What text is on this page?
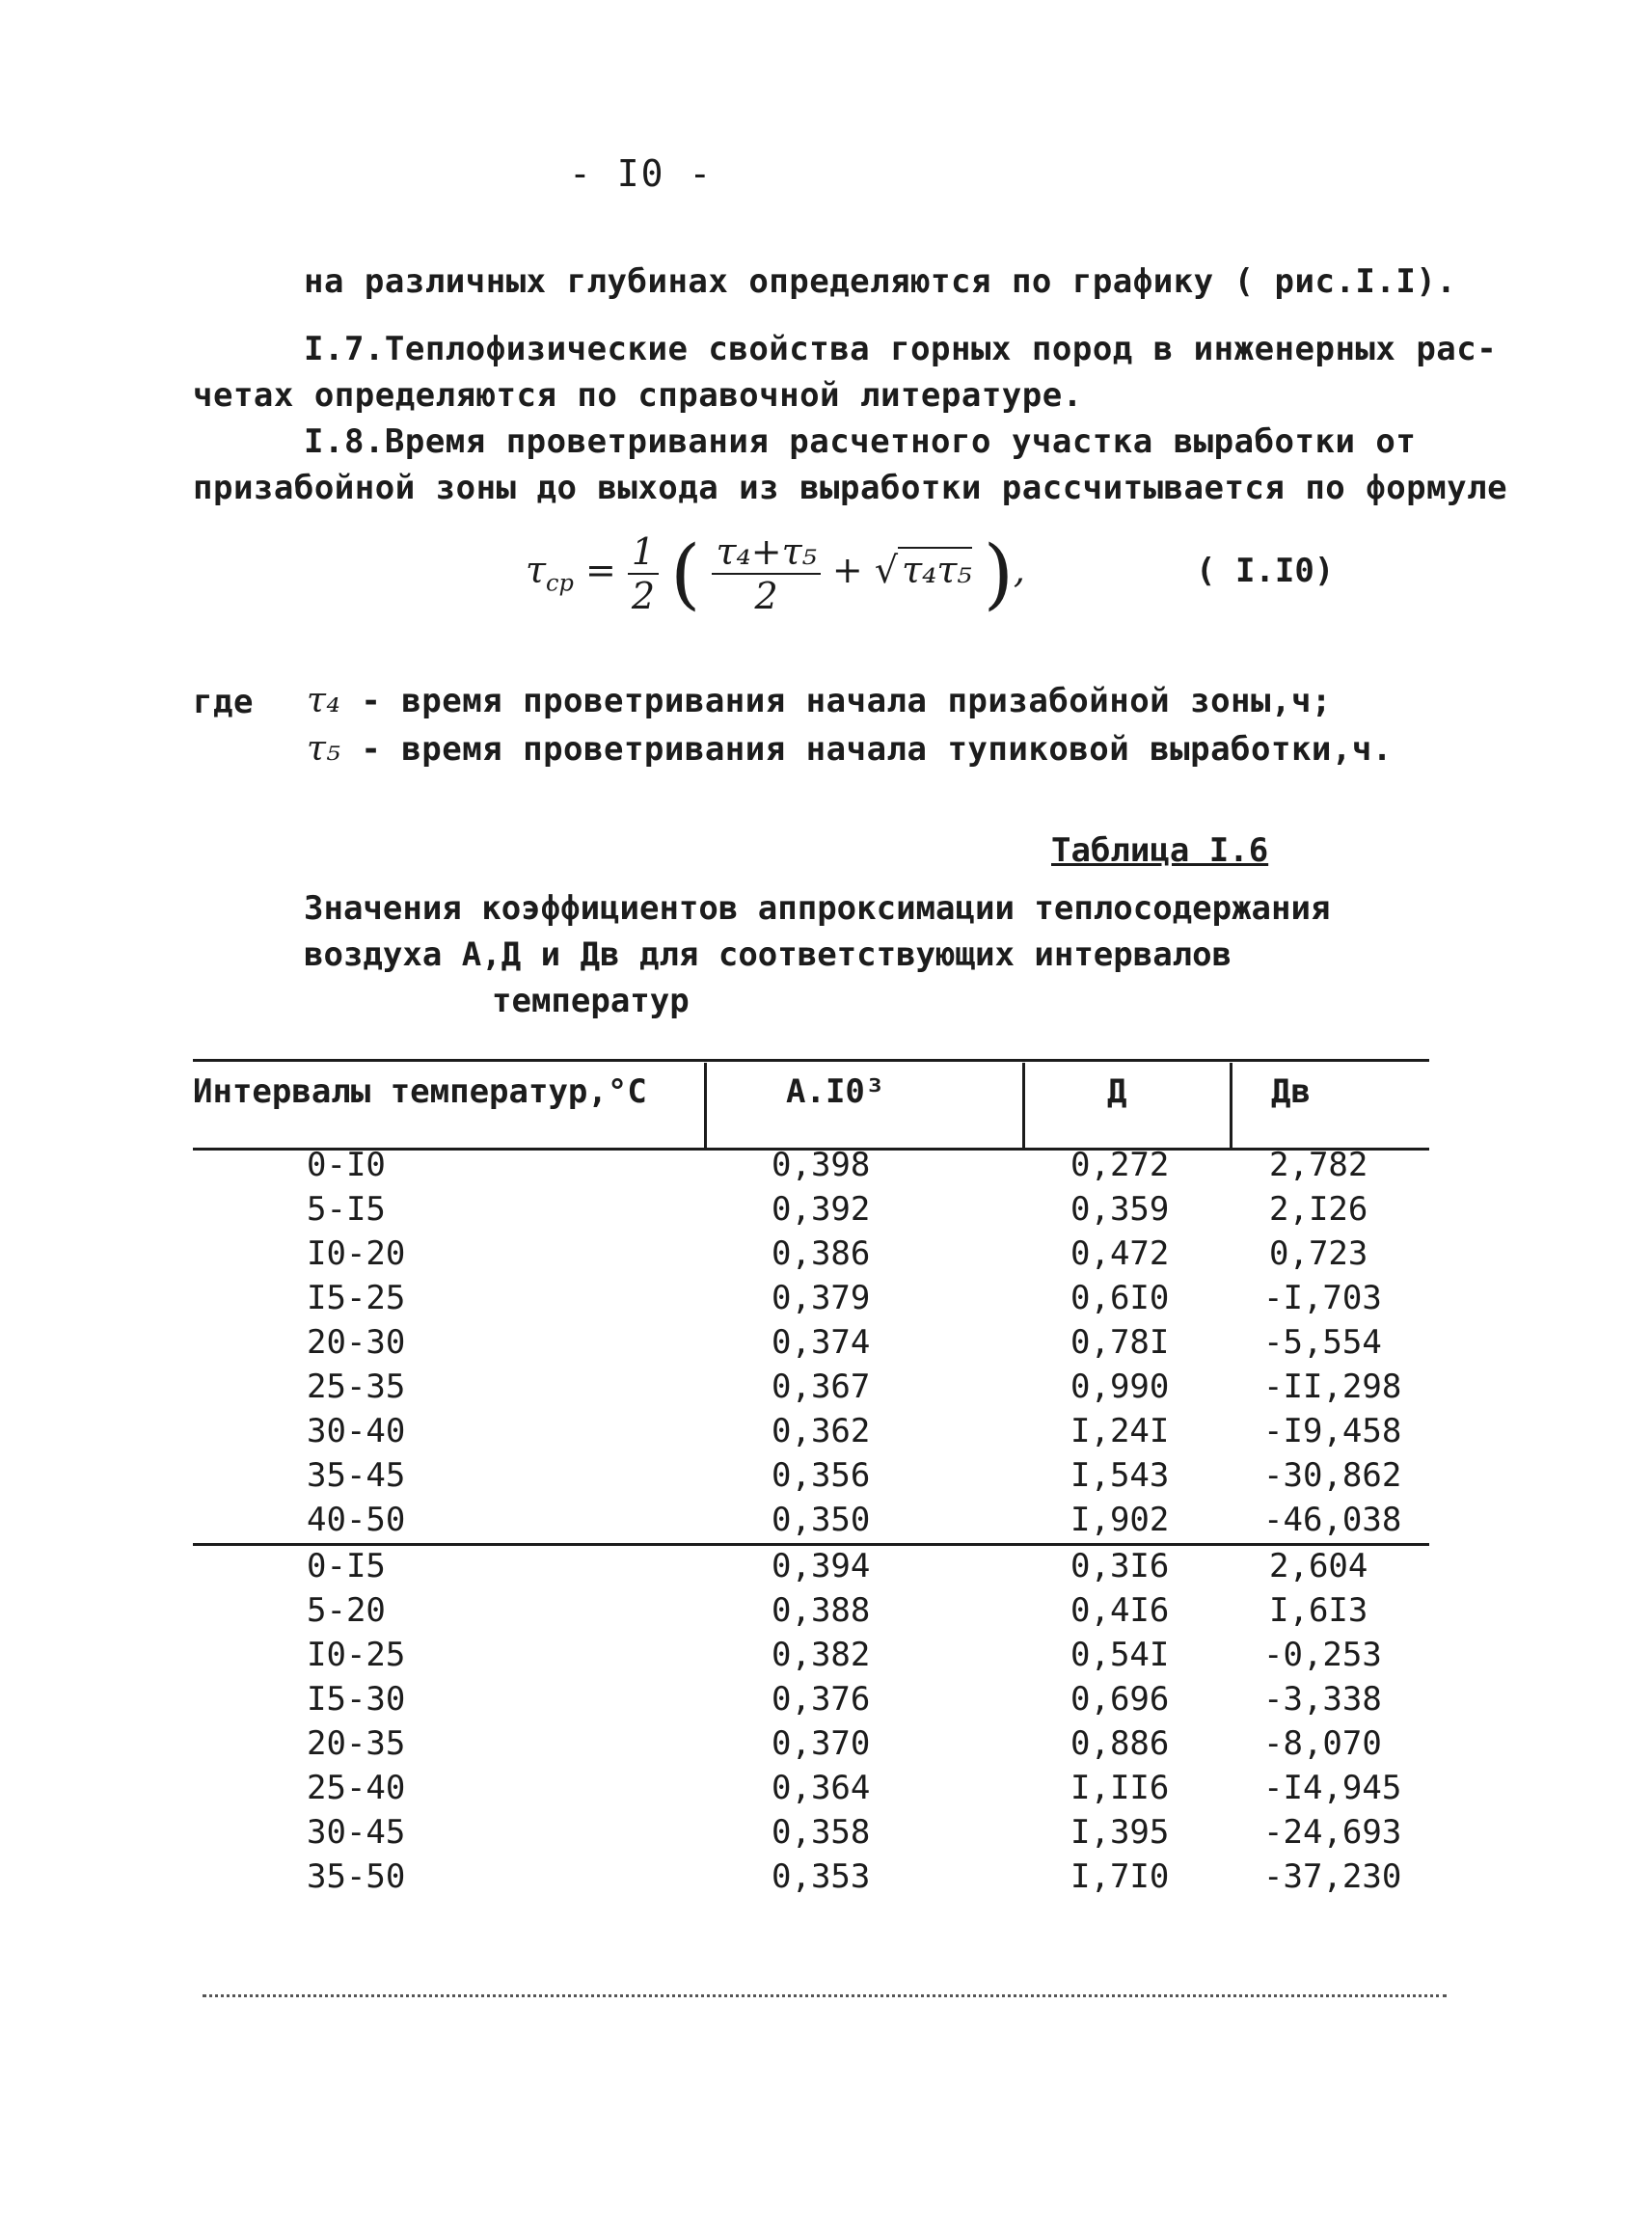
- I0 -
на различных глубинах определяются по графику ( рис.I.I).
I.7.Теплофизические свойства горных пород в инженерных рас-
четах определяются по справочной литературе.
I.8.Время проветривания расчетного участка выработки от
призабойной зоны до выхода из выработки рассчитывается по формуле
$\tau_{ср} = \frac{1}{2}$ ( $\frac{\text{τ₄+τ₅}}{2}$ + √ τ₄τ₅ ),	( I.I0)
где τ₄ - время проветривания начала призабойной зоны,ч;
τ₅ - время проветривания начала тупиковой выработки,ч.
Таблица I.6
Значения коэффициентов аппроксимации теплосодержания
воздуха А,Д и Дв для соответствующих интервалов
температур
Интервалы температур,°С	А.I0³	Д	Дв
0-I0	0,398	0,272	2,782
5-I5	0,392	0,359	2,I26
I0-20	0,386	0,472	0,723
I5-25	0,379	0,6I0	-I,703
20-30	0,374	0,78I	-5,554
25-35	0,367	0,990	-II,298
30-40	0,362	I,24I	-I9,458
35-45	0,356	I,543	-30,862
40-50	0,350	I,902	-46,038
0-I5	0,394	0,3I6	2,604
5-20	0,388	0,4I6	I,6I3
I0-25	0,382	0,54I	-0,253
I5-30	0,376	0,696	-3,338
20-35	0,370	0,886	-8,070
25-40	0,364	I,II6	-I4,945
30-45	0,358	I,395	-24,693
35-50	0,353	I,7I0	-37,230
